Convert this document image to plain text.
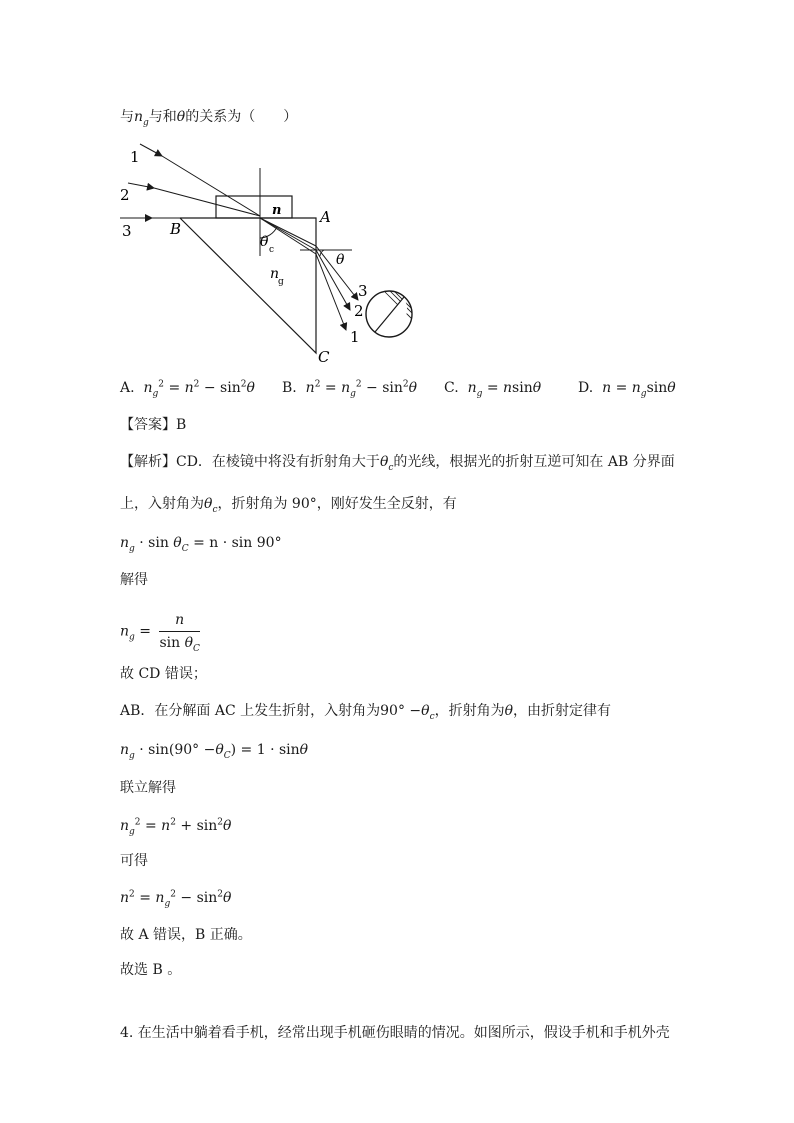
与$n_g$与和θ的关系为（　　）
1
2
3	B
A
C
n
n
g
θ c
θ
3
2
1
A. $n_g^2 = n^2 - \sin^2\theta$ B. $n^2 = n_g^2 - \sin^2\theta$ C. $n_g = nsin\theta$	D. $n = n_g\sin\theta$
【答案】B
【解析】CD．在棱镜中将没有折射角大于$\theta_c$的光线，根据光的折射互逆可知在 AB 分界面
上，入射角为$\theta_c$，折射角为 90°，刚好发生全反射，有
$n_g \cdot \sin \theta_C = n \cdot \sin 90^\circ$
解得
$n_g = \frac{n}{\sin \theta_C}$
故 CD 错误；
AB．在分解面 AC 上发生折射，入射角为$90^\circ -\theta_c$，折射角为θ，由折射定律有
$n_g \cdot \sin(90^\circ -\theta_C) = 1 \cdot \sin\theta$
联立解得
$n_g^2 = n^2 + \sin^2\theta$
可得
$n^2 = n_g^2 - \sin^2\theta$
故 A 错误，B 正确。
故选 B 。
4. 在生活中躺着看手机，经常出现手机砸伤眼睛的情况。如图所示，假设手机和手机外壳
